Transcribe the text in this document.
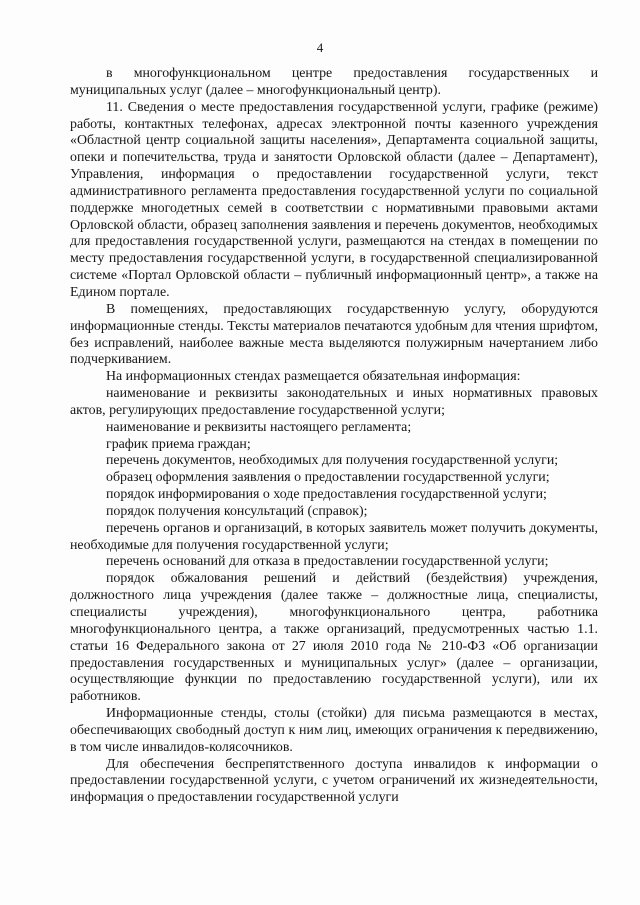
4

в многофункциональном центре предоставления государственных и муниципальных услуг (далее – многофункциональный центр).

11. Сведения о месте предоставления государственной услуги, графике (режиме) работы, контактных телефонах, адресах электронной почты казенного учреждения «Областной центр социальной защиты населения», Департамента социальной защиты, опеки и попечительства, труда и занятости Орловской области (далее – Департамент), Управления, информация о предоставлении государственной услуги, текст административного регламента предоставления государственной услуги по социальной поддержке многодетных семей в соответствии с нормативными правовыми актами Орловской области, образец заполнения заявления и перечень документов, необходимых для предоставления государственной услуги, размещаются на стендах в помещении по месту предоставления государственной услуги, в государственной специализированной системе «Портал Орловской области – публичный информационный центр», а также на Едином портале.

В помещениях, предоставляющих государственную услугу, оборудуются информационные стенды. Тексты материалов печатаются удобным для чтения шрифтом, без исправлений, наиболее важные места выделяются полужирным начертанием либо подчеркиванием.

На информационных стендах размещается обязательная информация:

наименование и реквизиты законодательных и иных нормативных правовых актов, регулирующих предоставление государственной услуги;

наименование и реквизиты настоящего регламента;

график приема граждан;

перечень документов, необходимых для получения государственной услуги;

образец оформления заявления о предоставлении государственной услуги;

порядок информирования о ходе предоставления государственной услуги;

порядок получения консультаций (справок);

перечень органов и организаций, в которых заявитель может получить документы, необходимые для получения государственной услуги;

перечень оснований для отказа в предоставлении государственной услуги;

порядок обжалования решений и действий (бездействия) учреждения, должностного лица учреждения (далее также – должностные лица, специалисты, специалисты учреждения), многофункционального центра, работника многофункционального центра, а также организаций, предусмотренных частью 1.1. статьи 16 Федерального закона от 27 июля 2010 года № 210-ФЗ «Об организации предоставления государственных и муниципальных услуг» (далее – организации, осуществляющие функции по предоставлению государственной услуги), или их работников.

Информационные стенды, столы (стойки) для письма размещаются в местах, обеспечивающих свободный доступ к ним лиц, имеющих ограничения к передвижению, в том числе инвалидов-колясочников.

Для обеспечения беспрепятственного доступа инвалидов к информации о предоставлении государственной услуги, с учетом ограничений их жизнедеятельности, информация о предоставлении государственной услуги
